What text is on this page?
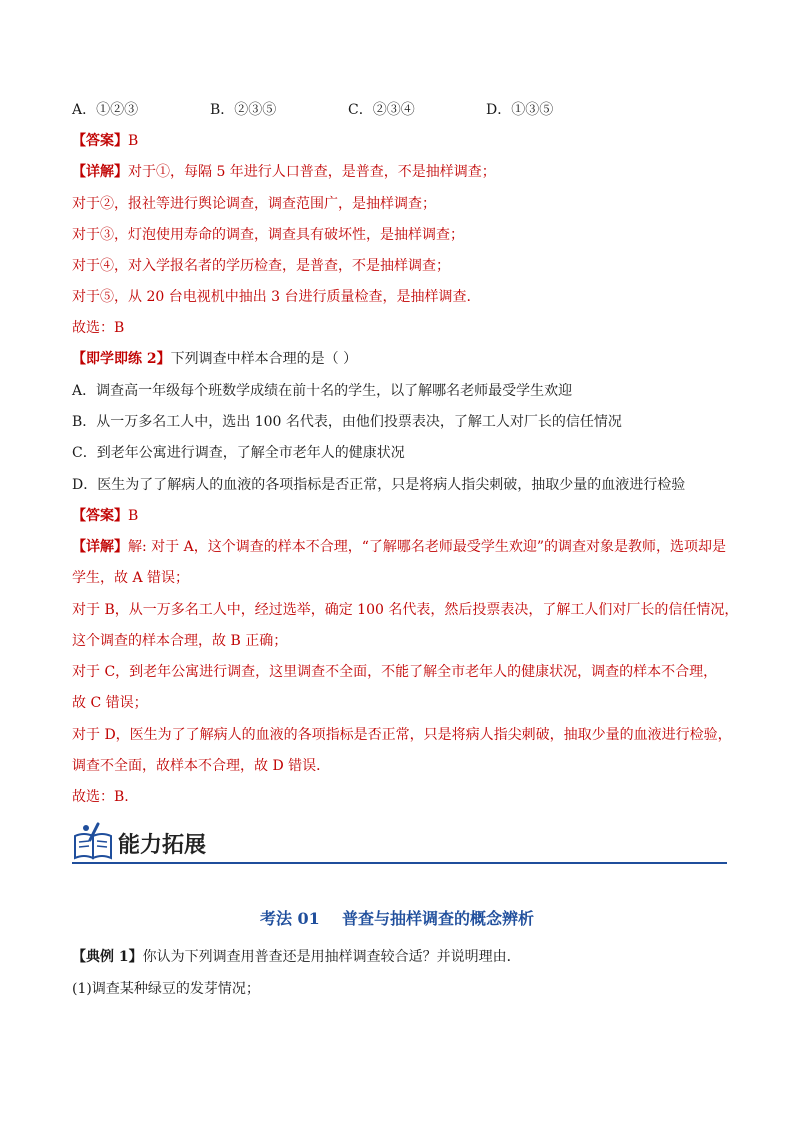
A．①②③	B．②③⑤	C．②③④	D．①③⑤
【答案】B
【详解】对于①，每隔 5 年进行人口普查，是普查，不是抽样调查；
对于②，报社等进行舆论调查，调查范围广，是抽样调查；
对于③，灯泡使用寿命的调查，调查具有破坏性，是抽样调查；
对于④，对入学报名者的学历检查，是普查，不是抽样调查；
对于⑤，从 20 台电视机中抽出 3 台进行质量检查，是抽样调查.
故选：B
【即学即练 2】下列调查中样本合理的是（ ）
A．调查高一年级每个班数学成绩在前十名的学生，以了解哪名老师最受学生欢迎
B．从一万多名工人中，选出 100 名代表，由他们投票表决，了解工人对厂长的信任情况
C．到老年公寓进行调查，了解全市老年人的健康状况
D．医生为了了解病人的血液的各项指标是否正常，只是将病人指尖刺破，抽取少量的血液进行检验
【答案】B
【详解】解: 对于 A，这个调查的样本不合理，“了解哪名老师最受学生欢迎”的调查对象是教师，选项却是
学生，故 A 错误；
对于 B，从一万多名工人中，经过选举，确定 100 名代表，然后投票表决，了解工人们对厂长的信任情况，
这个调查的样本合理，故 B 正确；
对于 C，到老年公寓进行调查，这里调查不全面，不能了解全市老年人的健康状况，调查的样本不合理，
故 C 错误；
对于 D，医生为了了解病人的血液的各项指标是否正常，只是将病人指尖刺破，抽取少量的血液进行检验，
调查不全面，故样本不合理，故 D 错误．
故选：B.
能力拓展
考法 01    普查与抽样调查的概念辨析
【典例 1】你认为下列调查用普查还是用抽样调查较合适？并说明理由．
(1)调查某种绿豆的发芽情况；
